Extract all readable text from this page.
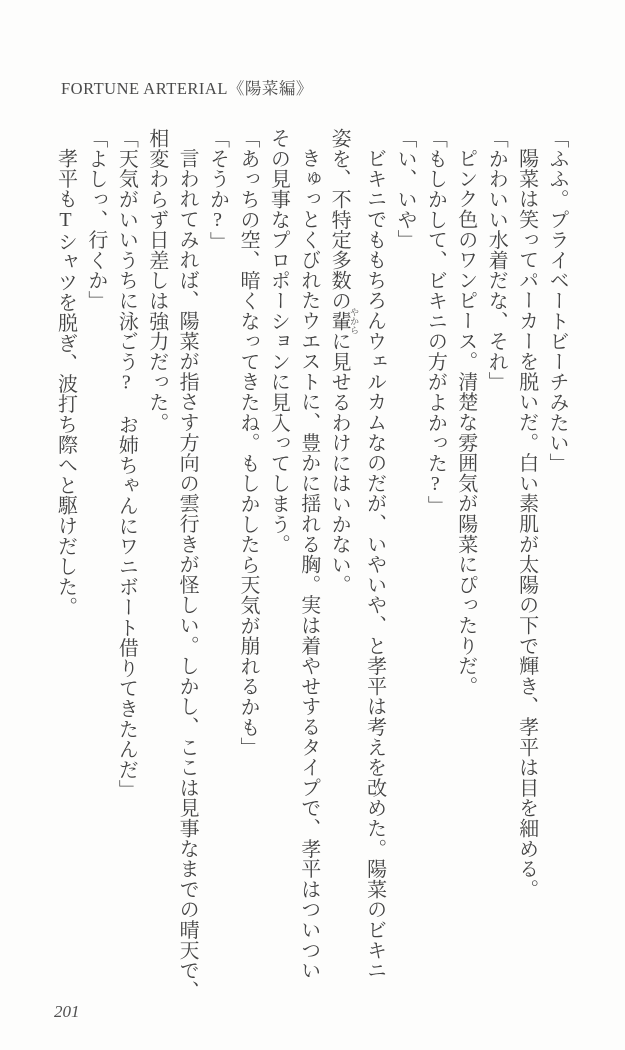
FORTUNE ARTERIAL《陽菜編》

「ふふ。プライベートビーチみたい」

陽菜は笑ってパーカーを脱いだ。白い素肌が太陽の下で輝き、孝平は目を細める。

「かわいい水着だな、それ」

ピンク色のワンピース。清楚な雰囲気が陽菜にぴったりだ。

「もしかして、ビキニの方がよかった?」

「い、いや」

ビキニでももちろんウェルカムなのだが、いやいや、と孝平は考えを改めた。陽菜のビキニ

姿を、不特定多数の輩 やからに見せるわけにはいかない。

きゅっとくびれたウエストに、豊かに揺れる胸。実は着やせするタイプで、孝平はついつい

その見事なプロポーションに見入ってしまう。

「あっちの空、暗くなってきたね。もしかしたら天気が崩れるかも」

「そうか?」

言われてみれば、陽菜が指さす方向の雲行きが怪しい。しかし、ここは見事なまでの晴天で、

相変わらず日差しは強力だった。

「天気がいいうちに泳ごう?　お姉ちゃんにワニボート借りてきたんだ」

「よしっ、行くか」

孝平もTシャツを脱ぎ、波打ち際へと駆けだした。

201
